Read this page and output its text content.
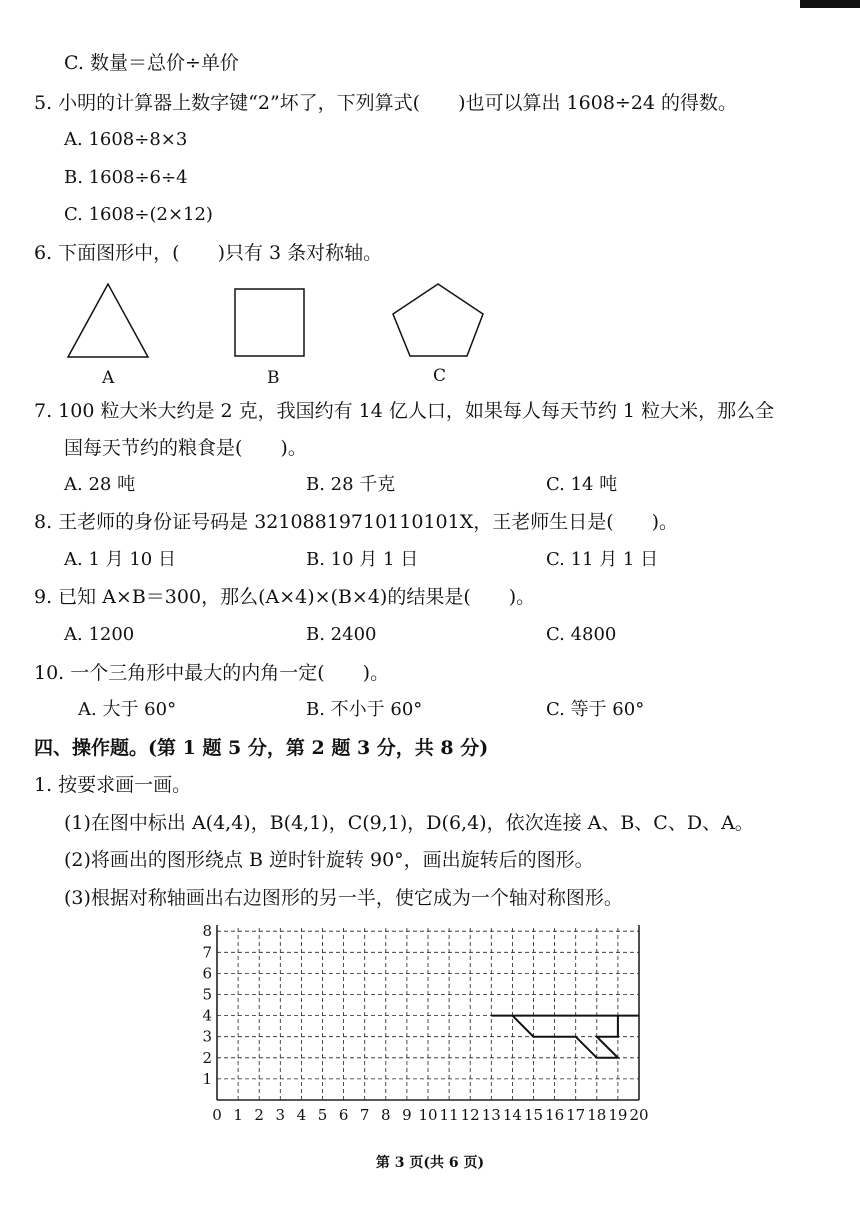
C. 数量＝总价÷单价
5. 小明的计算器上数字键“2”坏了，下列算式(　　)也可以算出 1608÷24 的得数。
A. 1608÷8×3
B. 1608÷6÷4
C. 1608÷(2×12)
6. 下面图形中，(　　)只有 3 条对称轴。
A	B	C
7. 100 粒大米大约是 2 克，我国约有 14 亿人口，如果每人每天节约 1 粒大米，那么全
国每天节约的粮食是(　　)。
A. 28 吨	B. 28 千克	C. 14 吨
8. 王老师的身份证号码是 321088197101101​01X，王老师生日是(　　)。
A. 1 月 10 日	B. 10 月 1 日	C. 11 月 1 日
9. 已知 A×B＝300，那么(A×4)×(B×4)的结果是(　　)。
A. 1200	B. 2400	C. 4800
10. 一个三角形中最大的内角一定(　　)。
A. 大于 60°	B. 不小于 60°	C. 等于 60°
四、操作题。(第 1 题 5 分，第 2 题 3 分，共 8 分)
1. 按要求画一画。
(1)在图中标出 A(4,4)，B(4,1)，C(9,1)，D(6,4)，依次连接 A、B、C、D、A。
(2)将画出的图形绕点 B 逆时针旋转 90°，画出旋转后的图形。
(3)根据对称轴画出右边图形的另一半，使它成为一个轴对称图形。
0 1 2 3 4 5 6 7 8 9 10 11 12 13 14 15 16 17 18 19 20
1
2
3
4
5
6
7
8
第 3 页(共 6 页)
